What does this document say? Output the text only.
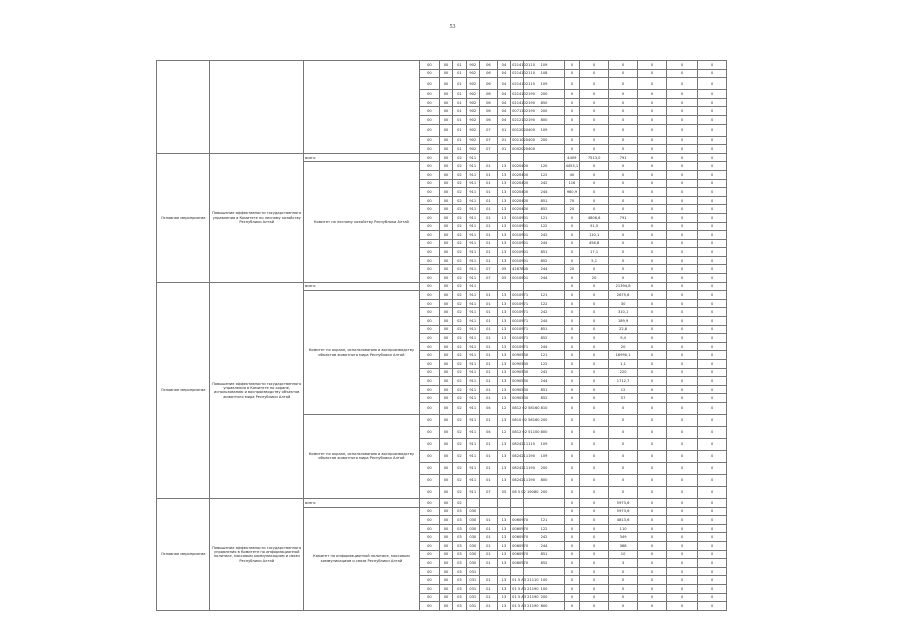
53
			00	00	01	902	06	04	0214102110	109	0	0	0	0	0	0
			00	00	01	902	06	04	0214102110	108	0	0	0	0	0	0
			00	00	01	902	06	04	0214102110	109	0	0	0	0	0	0
			00	00	01	902	06	04	0214102190	200	0	0	0	0	0	0
			00	00	01	902	06	04	0214102190	850	0	0	0	0	0	0
			00	00	01	902	06	04	0071102190	200	0	0	0	0	0	0
			00	00	01	902	06	04	0212102190	800	0	0	0	0	0	0
			00	00	01	902	07	01	0012020400	109	0	0	0	0	0	0
			00	00	01	902	07	01	0011020400	200	0	0	0	0	0	0
			00	00	01	902	07	01	0002020400		0	0	0	0	0	0
Основное мероприятие	Повышение эффективности государственного управления в Комитете по лесному хозяйству Республики Алтай	всего	00	00	02	911					4409	7513,0	791	0	0	0
		Комитет по лесному хозяйству Республики Алтай	00	00	02	911	01	13	0020400	120	4453,1	0	0	0	0	0
			00	00	02	911	01	13	0020400	122	40	0	0	0	0	0
			00	00	02	911	01	13	0020400	242	116	0	0	0	0	0
			00	00	02	911	01	13	0020400	244	980,9	0	0	0	0	0
			00	00	02	911	01	13	0020400	851	70	0	0	0	0	0
			00	00	02	911	01	13	0020400	852	20	0	0	0	0	0
			00	00	02	911	01	13	0010901	121	0	4806,6	791	0	0	0
			00	00	02	911	01	13	0010901	122	0	51,5	0	0	0	0
			00	00	02	911	01	13	0010901	242	0	110,1	0	0	0	0
			00	00	02	911	01	13	0010901	244	0	456,8	0	0	0	0
			00	00	02	911	01	13	0010901	851	0	17,1	0	0	0	0
			00	00	02	911	01	13	0010901	852	0	5,1	0	0	0	0
			00	00	02	911	07	05	4287800	244	20	0	0	0	0	0
			00	00	02	911	07	05	0010901	244	0	20	0	0	0	0
Основное мероприятие	Повышение эффективности государственного управления в Комитете по охране, использованию и воспроизводству объектов животного мира Республики Алтай	всего	00	00	02	911					0	0	21394,8	0	0	0
		Комитет по охране, использованию и воспроизводству объектов животного мира Республики Алтай	00	00	02	911	01	13	0010971	121	0	0	2675,6	0	0	0
			00	00	02	911	01	13	0010971	122	0	0	30	0	0	0
			00	00	02	911	01	13	0010971	242	0	0	310,1	0	0	0
			00	00	02	911	01	13	0010971	244	0	0	189,9	0	0	0
			00	00	02	911	01	13	0010971	851	0	0	22,8	0	0	0
			00	00	02	911	01	13	0010971	852	0	0	9,4	0	0	0
			00	00	02	911	01	13	0010971	244	0	0	20	0	0	0
			00	00	02	911	01	13	0090530	121	0	0	16990,1	0	0	0
			00	00	02	911	01	13	0090530	122	0	0	1,1	0	0	0
			00	00	02	911	01	13	0090530	242	0	0	220	0	0	0
			00	00	02	911	01	13	0090530	244	0	0	1712,7	0	0	0
			00	00	02	911	01	13	0090530	851	0	0	12	0	0	0
			00	00	02	911	01	13	0090530	852	0	0	57	0	0	0
			00	00	02	911	04	12	0812 02 58160	810	0	0	0	0	0	0
		Комитет по охране, использованию и воспроизводству объектов животного мира Республики Алтай	00	00	02	911	01	13	0810 02 58160	200	0	0	0	0	0	0
			00	00	02	911	04	12	0812 02 51100	800	0	0	0	0	0	0
			00	00	02	911	01	13	0824211110	109	0	0	0	0	0	0
			00	00	02	911	01	13	0824211190	109	0	0	0	0	0	0
			00	00	02	911	01	13	0824211190	200	0	0	0	0	0	0
			00	00	02	911	01	13	0824211190	800	0	0	0	0	0	0
			00	00	02	911	07	05	08 5 02 19080	200	0	0	0	0	0	0
Основное мероприятие	Повышение эффективности государственного управления в Комитете по информационной политике, массовым коммуникациям и связи Республики Алтай	всего	00	00	02						0	0	5973,6	0	0	0
		Комитет по информационной политике, массовым коммуникациям и связи Республики Алтай	00	00	03	030					0	0	5973,6	0	0	0
			00	00	03	030	01	13	0060970	121	0	0	4813,6	0	0	0
			00	00	03	030	01	13	0060970	122	0	0	110	0	0	0
			00	00	03	030	01	13	0060970	242	0	0	349	0	0	0
			00	00	03	030	01	13	0060970	244	0	0	368	0	0	0
			00	00	03	030	01	13	0060970	851	0	0	10	0	0	0
			00	00	03	030	01	13	0060970	852	0	0	3	0	0	0
			00	00	03	031					0	0	0	0	0	0
			00	00	03	031	01	13	01 5 A3 21110	100	0	0	0	0	0	0
			00	00	03	031	01	13	01 5 A3 21190	100	0	0	0	0	0	0
			00	00	03	031	01	13	01 5 A3 21190	200	0	0	0	0	0	0
			00	00	03	031	01	13	01 5 A3 21190	800	0	0	0	0	0	0
